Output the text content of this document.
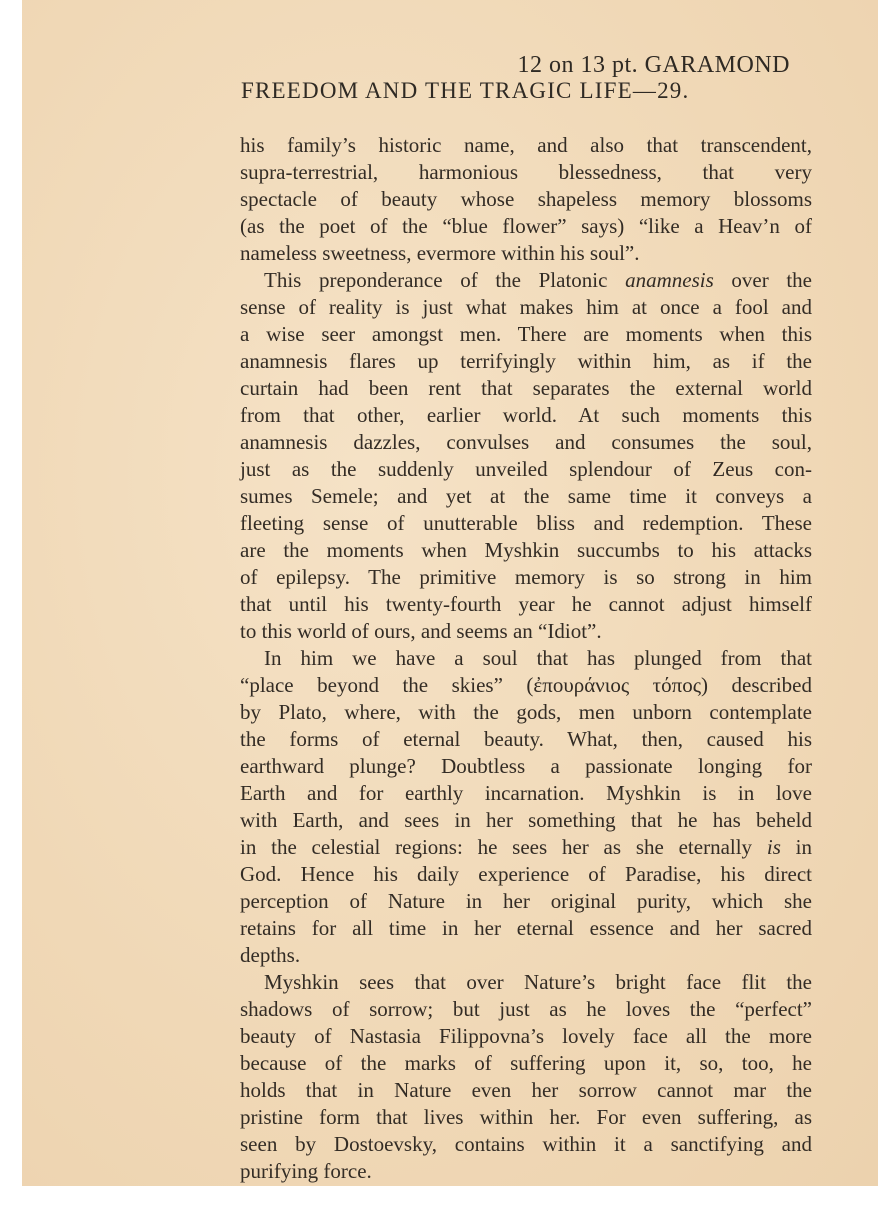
12 on 13 pt. GARAMOND
FREEDOM AND THE TRAGIC LIFE—29.
his family’s historic name, and also that transcendent,
supra-terrestrial, harmonious blessedness, that very
spectacle of beauty whose shapeless memory blossoms
(as the poet of the “blue flower” says) “like a Heav’n of
nameless sweetness, evermore within his soul”.
This preponderance of the Platonic anamnesis over the
sense of reality is just what makes him at once a fool and
a wise seer amongst men. There are moments when this
anamnesis flares up terrifyingly within him, as if the
curtain had been rent that separates the external world
from that other, earlier world. At such moments this
anamnesis dazzles, convulses and consumes the soul,
just as the suddenly unveiled splendour of Zeus con-
sumes Semele; and yet at the same time it conveys a
fleeting sense of unutterable bliss and redemption. These
are the moments when Myshkin succumbs to his attacks
of epilepsy. The primitive memory is so strong in him
that until his twenty-fourth year he cannot adjust himself
to this world of ours, and seems an “Idiot”.
In him we have a soul that has plunged from that
“place beyond the skies” (ἐπουράνιος τόπος) described
by Plato, where, with the gods, men unborn contemplate
the forms of eternal beauty. What, then, caused his
earthward plunge? Doubtless a passionate longing for
Earth and for earthly incarnation. Myshkin is in love
with Earth, and sees in her something that he has beheld
in the celestial regions: he sees her as she eternally is in
God. Hence his daily experience of Paradise, his direct
perception of Nature in her original purity, which she
retains for all time in her eternal essence and her sacred
depths.
Myshkin sees that over Nature’s bright face flit the
shadows of sorrow; but just as he loves the “perfect”
beauty of Nastasia Filippovna’s lovely face all the more
because of the marks of suffering upon it, so, too, he
holds that in Nature even her sorrow cannot mar the
pristine form that lives within her. For even suffering, as
seen by Dostoevsky, contains within it a sanctifying and
purifying force.
